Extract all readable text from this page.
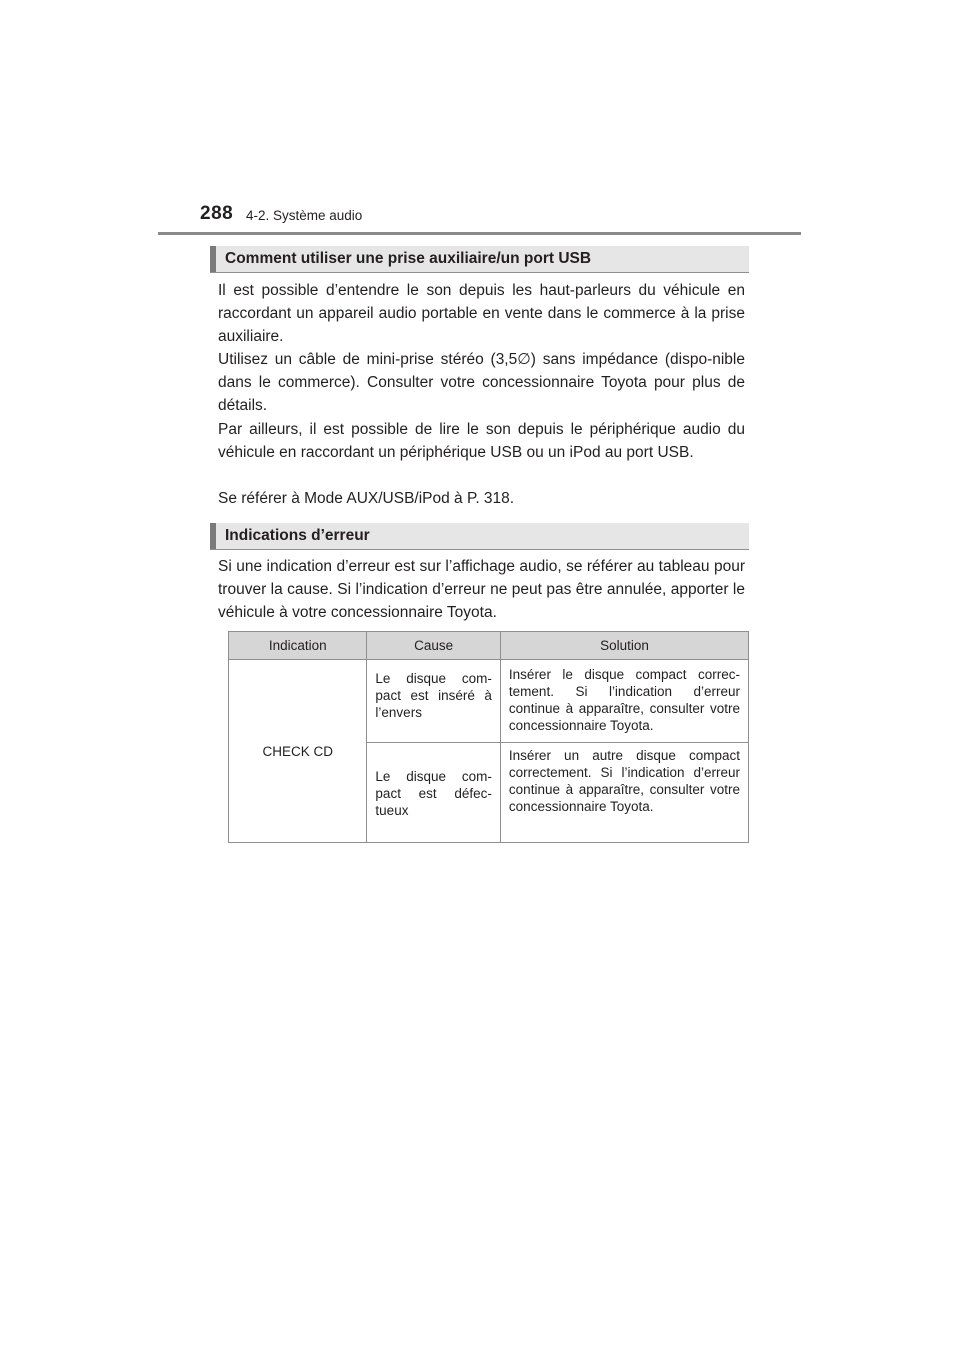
288 4-2. Système audio
Comment utiliser une prise auxiliaire/un port USB

Il est possible d’entendre le son depuis les haut-parleurs du véhicule en raccordant un appareil audio portable en vente dans le commerce à la prise auxiliaire.

Utilisez un câble de mini-prise stéréo (3,5∅) sans impédance (dispo-nible dans le commerce). Consulter votre concessionnaire Toyota pour plus de détails.

Par ailleurs, il est possible de lire le son depuis le périphérique audio du véhicule en raccordant un périphérique USB ou un iPod au port USB.

Se référer à Mode AUX/USB/iPod à P. 318.

Indications d’erreur

Si une indication d’erreur est sur l’affichage audio, se référer au tableau pour trouver la cause. Si l’indication d’erreur ne peut pas être annulée, apporter le véhicule à votre concessionnaire Toyota.

Indication	Cause	Solution
CHECK CD	Le disque com-pact est inséré à l’envers	Insérer le disque compact correc-tement. Si l’indication d’erreur continue à apparaître, consulter votre concessionnaire Toyota.

	Le disque com-pact est défec-tueux	Insérer un autre disque compact correctement. Si l’indication d’erreur continue à apparaître, consulter votre concessionnaire Toyota.
